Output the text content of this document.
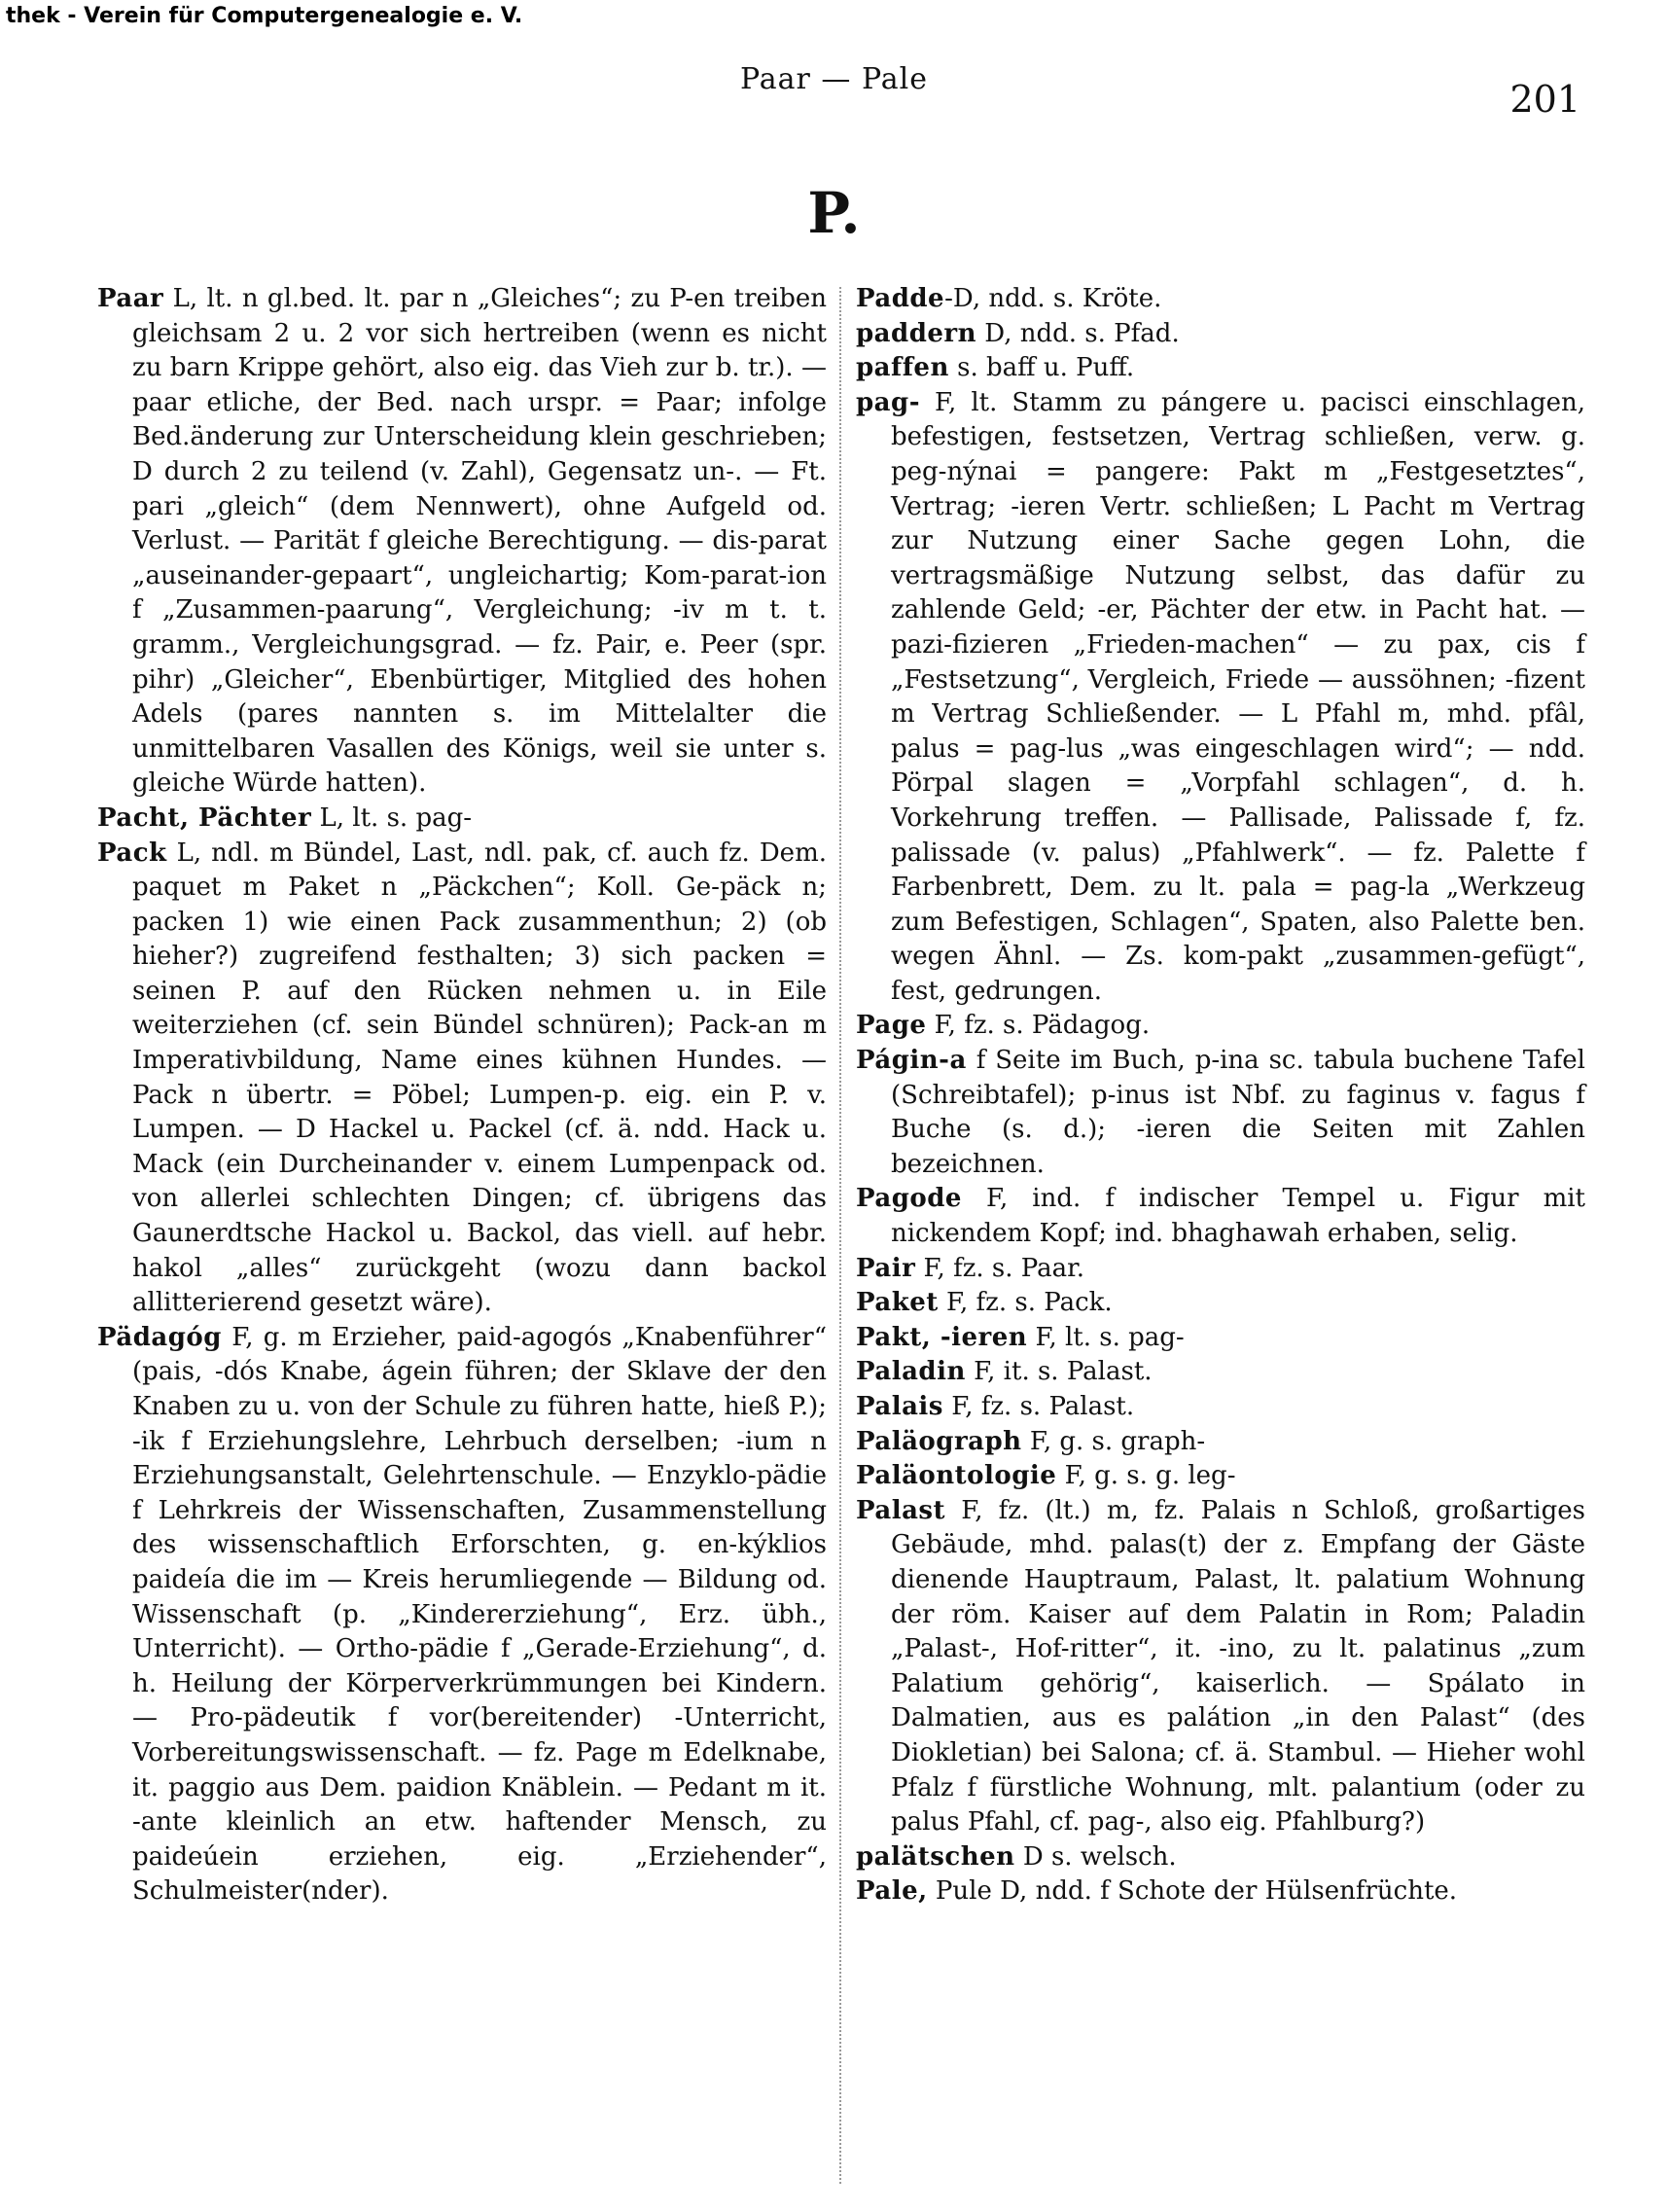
thek - Verein für Computergenealogie e. V.
Paar — Pale	201
P.

Paar L, lt. n gl.bed. lt. par n „Gleiches“; zu P-en treiben gleichsam 2 u. 2 vor sich hertreiben (wenn es nicht zu barn Krippe gehört, also eig. das Vieh zur b. tr.). — paar etliche, der Bed. nach urspr. = Paar; infolge Bed.änderung zur Unterscheidung klein geschrieben; D durch 2 zu teilend (v. Zahl), Gegensatz un-. — Ft. pari „gleich“ (dem Nennwert), ohne Aufgeld od. Verlust. — Parität f gleiche Berechtigung. — dis-parat „auseinander-gepaart“, ungleichartig; Kom-parat-ion f „Zusammen-paarung“, Vergleichung; -iv m t. t. gramm., Vergleichungsgrad. — fz. Pair, e. Peer (spr. pihr) „Gleicher“, Ebenbürtiger, Mitglied des hohen Adels (pares nannten s. im Mittelalter die unmittelbaren Vasallen des Königs, weil sie unter s. gleiche Würde hatten).

Pacht, Pächter L, lt. s. pag-

Pack L, ndl. m Bündel, Last, ndl. pak, cf. auch fz. Dem. paquet m Paket n „Päckchen“; Koll. Ge-päck n; packen 1) wie einen Pack zusammenthun; 2) (ob hieher?) zugreifend festhalten; 3) sich packen = seinen P. auf den Rücken nehmen u. in Eile weiterziehen (cf. sein Bündel schnüren); Pack-an m Imperativbildung, Name eines kühnen Hundes. — Pack n übertr. = Pöbel; Lumpen-p. eig. ein P. v. Lumpen. — D Hackel u. Packel (cf. ä. ndd. Hack u. Mack (ein Durcheinander v. einem Lumpenpack od. von allerlei schlechten Dingen; cf. übrigens das Gaunerdtsche Hackol u. Backol, das viell. auf hebr. hakol „alles“ zurückgeht (wozu dann backol allitterierend gesetzt wäre).

Pädagóg F, g. m Erzieher, paid-agogós „Knabenführer“ (pais, -dós Knabe, ágein führen; der Sklave der den Knaben zu u. von der Schule zu führen hatte, hieß P.); -ik f Erziehungslehre, Lehrbuch derselben; -ium n Erziehungsanstalt, Gelehrtenschule. — Enzyklo-pädie f Lehrkreis der Wissenschaften, Zusammenstellung des wissenschaftlich Erforschten, g. en-kýklios paideía die im — Kreis herumliegende — Bildung od. Wissenschaft (p. „Kindererziehung“, Erz. übh., Unterricht). — Ortho-pädie f „Gerade-Erziehung“, d. h. Heilung der Körperverkrümmungen bei Kindern. — Pro-pädeutik f vor(bereitender) -Unterricht, Vorbereitungswissenschaft. — fz. Page m Edelknabe, it. paggio aus Dem. paidion Knäblein. — Pedant m it. -ante kleinlich an etw. haftender Mensch, zu paideúein erziehen, eig. „Erziehender“, Schulmeister(nder).

Padde-D, ndd. s. Kröte.

paddern D, ndd. s. Pfad.

paffen s. baff u. Puff.

pag- F, lt. Stamm zu pángere u. pacisci einschlagen, befestigen, festsetzen, Vertrag schließen, verw. g. peg-nýnai = pangere: Pakt m „Festgesetztes“, Vertrag; -ieren Vertr. schließen; L Pacht m Vertrag zur Nutzung einer Sache gegen Lohn, die vertragsmäßige Nutzung selbst, das dafür zu zahlende Geld; -er, Pächter der etw. in Pacht hat. — pazi-fizieren „Frieden-machen“ — zu pax, cis f „Festsetzung“, Vergleich, Friede — aussöhnen; -fizent m Vertrag Schließender. — L Pfahl m, mhd. pfâl, palus = pag-lus „was eingeschlagen wird“; — ndd. Pörpal slagen = „Vorpfahl schlagen“, d. h. Vorkehrung treffen. — Pallisade, Palissade f, fz. palissade (v. palus) „Pfahlwerk“. — fz. Palette f Farbenbrett, Dem. zu lt. pala = pag-la „Werkzeug zum Befestigen, Schlagen“, Spaten, also Palette ben. wegen Ähnl. — Zs. kom-pakt „zusammen-gefügt“, fest, gedrungen.

Page F, fz. s. Pädagog.

Págin-a f Seite im Buch, p-ina sc. tabula buchene Tafel (Schreibtafel); p-inus ist Nbf. zu faginus v. fagus f Buche (s. d.); -ieren die Seiten mit Zahlen bezeichnen.

Pagode F, ind. f indischer Tempel u. Figur mit nickendem Kopf; ind. bhaghawah erhaben, selig.

Pair F, fz. s. Paar.

Paket F, fz. s. Pack.

Pakt, -ieren F, lt. s. pag-

Paladin F, it. s. Palast.

Palais F, fz. s. Palast.

Paläograph F, g. s. graph-

Paläontologie F, g. s. g. leg-

Palast F, fz. (lt.) m, fz. Palais n Schloß, großartiges Gebäude, mhd. palas(t) der z. Empfang der Gäste dienende Hauptraum, Palast, lt. palatium Wohnung der röm. Kaiser auf dem Palatin in Rom; Paladin „Palast-, Hof-ritter“, it. -ino, zu lt. palatinus „zum Palatium gehörig“, kaiserlich. — Spálato in Dalmatien, aus es palátion „in den Palast“ (des Diokletian) bei Salona; cf. ä. Stambul. — Hieher wohl Pfalz f fürstliche Wohnung, mlt. palantium (oder zu palus Pfahl, cf. pag-, also eig. Pfahlburg?)

palätschen D s. welsch.

Pale, Pule D, ndd. f Schote der Hülsenfrüchte.
